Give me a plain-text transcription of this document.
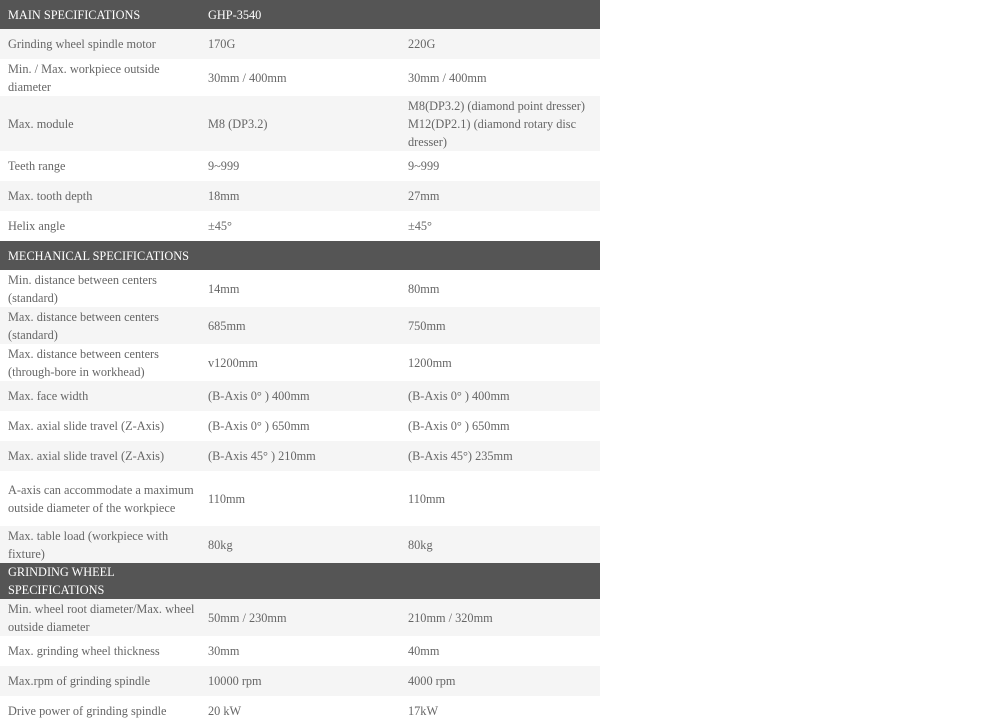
MAIN SPECIFICATIONS	GHP-3540	
Grinding wheel spindle motor	170G	220G
Min. / Max. workpiece outside diameter	30mm / 400mm	30mm / 400mm
Max. module	M8 (DP3.2)	M8(DP3.2) (diamond point dresser) M12(DP2.1) (diamond rotary disc dresser)
Teeth range	9~999	9~999
Max. tooth depth	18mm	27mm
Helix angle	±45°	±45°
MECHANICAL SPECIFICATIONS		
Min. distance between centers (standard)	14mm	80mm
Max. distance between centers (standard)	685mm	750mm
Max. distance between centers (through-bore in workhead)	v1200mm	1200mm
Max. face width	(B-Axis 0° ) 400mm	(B-Axis 0° ) 400mm
Max. axial slide travel (Z-Axis)	(B-Axis 0° ) 650mm	(B-Axis 0° ) 650mm
Max. axial slide travel (Z-Axis)	(B-Axis 45° ) 210mm	(B-Axis 45°) 235mm
A-axis can accommodate a maximum outside diameter of the workpiece	110mm	110mm
Max. table load (workpiece with fixture)	80kg	80kg
GRINDING WHEEL SPECIFICATIONS		
Min. wheel root diameter/Max. wheel outside diameter	50mm / 230mm	210mm / 320mm
Max. grinding wheel thickness	30mm	40mm
Max.rpm of grinding spindle	10000 rpm	4000 rpm
Drive power of grinding spindle	20 kW	17kW
